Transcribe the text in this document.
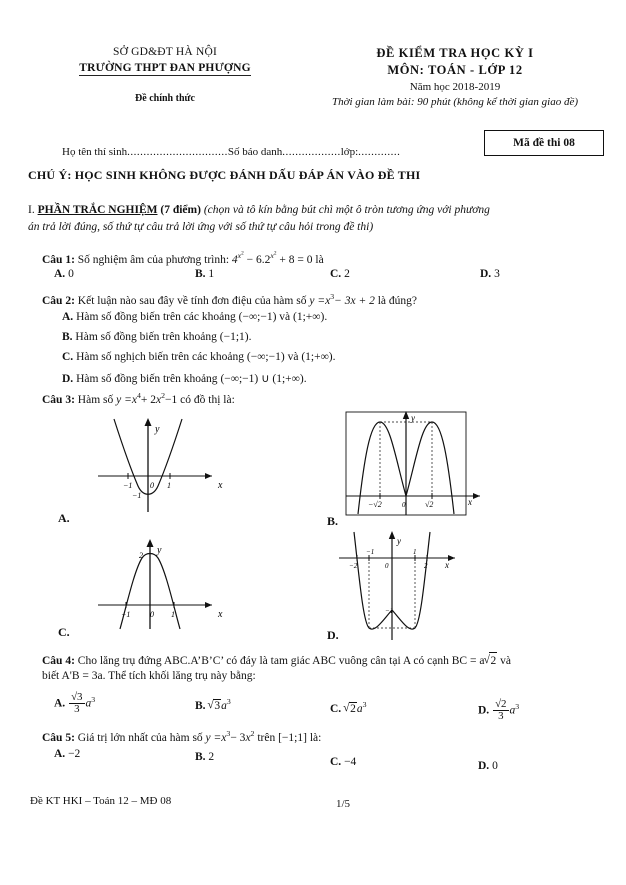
SỞ GD&ĐT HÀ NỘI
TRƯỜNG THPT ĐAN PHƯỢNG
Đề chính thức
ĐỀ KIỂM TRA HỌC KỲ I
MÔN: TOÁN - LỚP 12
Năm học 2018-2019
Thời gian làm bài: 90 phút (không kể thời gian giao đề)
Mã đề thi 08
Họ tên thí sinh...............................Số báo danh..................lớp:.............
CHÚ Ý: HỌC SINH KHÔNG ĐƯỢC ĐÁNH DẤU ĐÁP ÁN VÀO ĐỀ THI
I. PHẦN TRẮC NGHIỆM (7 điểm) (chọn và tô kín bằng bút chì một ô tròn tương ứng với phương
án trả lời đúng, số thứ tự câu trả lời ứng với số thứ tự câu hỏi trong đề thi)
Câu 1: Số nghiệm âm của phương trình: $4^{x^2} - 6.2^{x^2} + 8 = 0$ là
A. 0	B. 1	C. 2	D. 3
Câu 2: Kết luận nào sau đây về tính đơn điệu của hàm số $y =x^3- 3x + 2$ là đúng?
A. Hàm số đồng biến trên các khoảng (−∞;−1) và (1;+∞).
B. Hàm số đồng biến trên khoảng (−1;1).
C. Hàm số nghịch biến trên các khoảng (−∞;−1) và (1;+∞).
D. Hàm số đồng biến trên khoảng (−∞;−1) ∪ (1;+∞).
Câu 3: Hàm số $y =x^4+ 2x^2-1$ có đồ thị là:
A.
−1 0 1
−1
y
x
B.
−√2	0 √2
y
x
C.
−1 0 1
2 y
x
D.
−2
−1
0
1
2
−1
y
x
Câu 4: Cho lăng trụ đứng ABC.A’B’C’ có đáy là tam giác ABC vuông cân tại A có cạnh BC = a √ 2 và
biết A'B = 3a. Thể tích khối lăng trụ này bằng:
A. $\frac{√3}{3} a^3$
B. √ $3a^3$
C. √ $2a^3$	D. $\frac{√2}{3} a^3$
Câu 5: Giá trị lớn nhất của hàm số $y =x^3- 3x^2$ trên [−1;1] là:
A. −2	B. 2	C. −4	D. 0
Đề KT HKI – Toán 12 – MĐ 08	1/5
